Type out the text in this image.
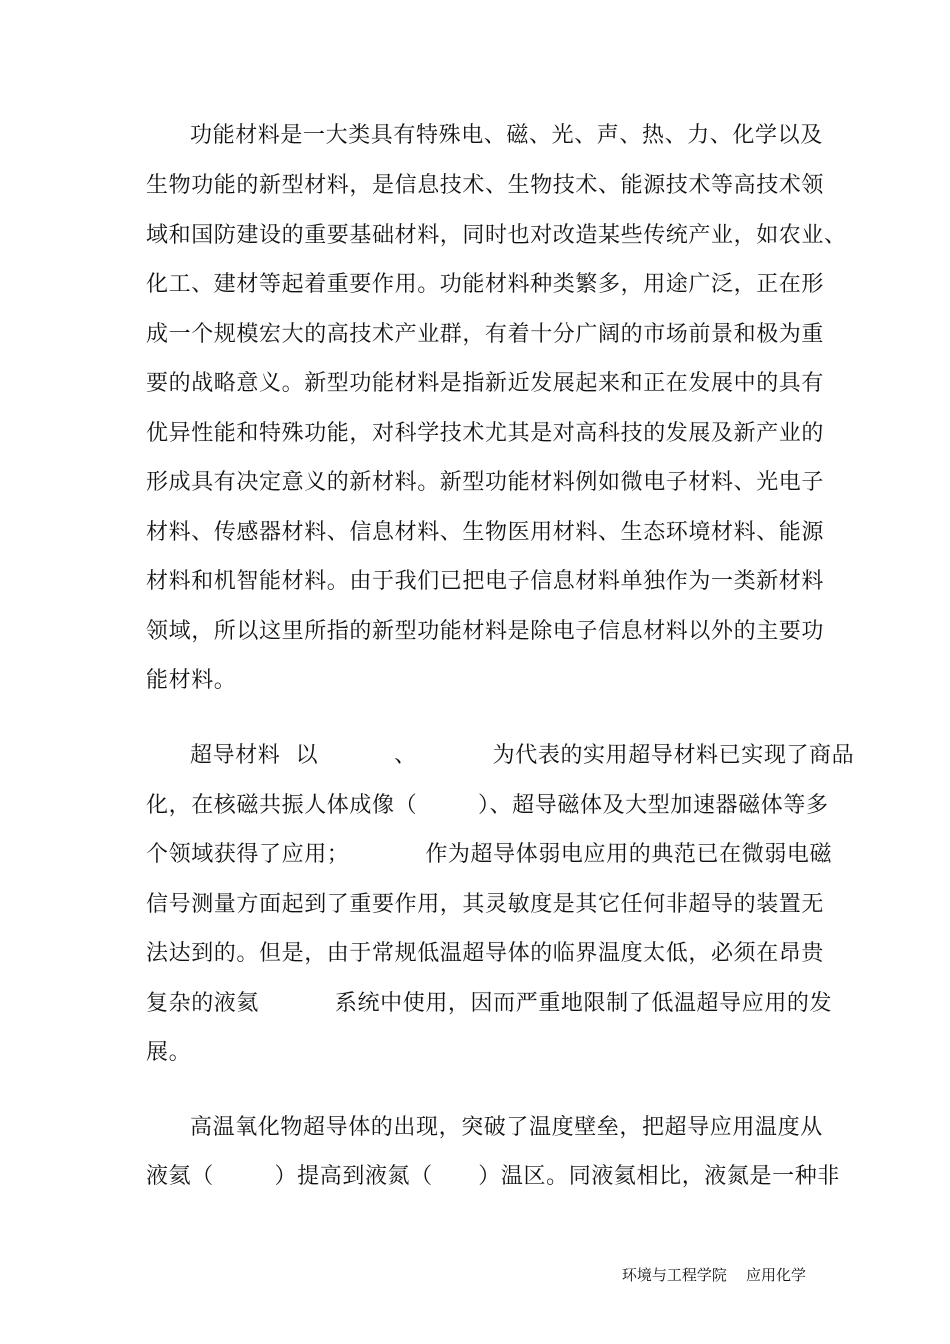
功能材料是一大类具有特殊电、磁、光、声、热、力、化学以及
生物功能的新型材料，是信息技术、生物技术、能源技术等高技术领
域和国防建设的重要基础材料，同时也对改造某些传统产业，如农业、
化工、建材等起着重要作用。功能材料种类繁多，用途广泛，正在形
成一个规模宏大的高技术产业群，有着十分广阔的市场前景和极为重
要的战略意义。新型功能材料是指新近发展起来和正在发展中的具有
优异性能和特殊功能，对科学技术尤其是对高科技的发展及新产业的
形成具有决定意义的新材料。新型功能材料例如微电子材料、光电子
材料、传感器材料、信息材料、生物医用材料、生态环境材料、能源
材料和机智能材料。由于我们已把电子信息材料单独作为一类新材料
领域，所以这里所指的新型功能材料是除电子信息材料以外的主要功
能材料。
超导材料  以          、          为代表的实用超导材料已实现了商品
化，在核磁共振人体成像（        ）、超导磁体及大型加速器磁体等多
个领域获得了应用；          作为超导体弱电应用的典范已在微弱电磁
信号测量方面起到了重要作用，其灵敏度是其它任何非超导的装置无
法达到的。但是，由于常规低温超导体的临界温度太低，必须在昂贵
复杂的液氦          系统中使用，因而严重地限制了低温超导应用的发
展。
高温氧化物超导体的出现，突破了温度壁垒，把超导应用温度从
液氦（        ）提高到液氮（      ）温区。同液氦相比，液氮是一种非

环境与工程学院 应用化学
